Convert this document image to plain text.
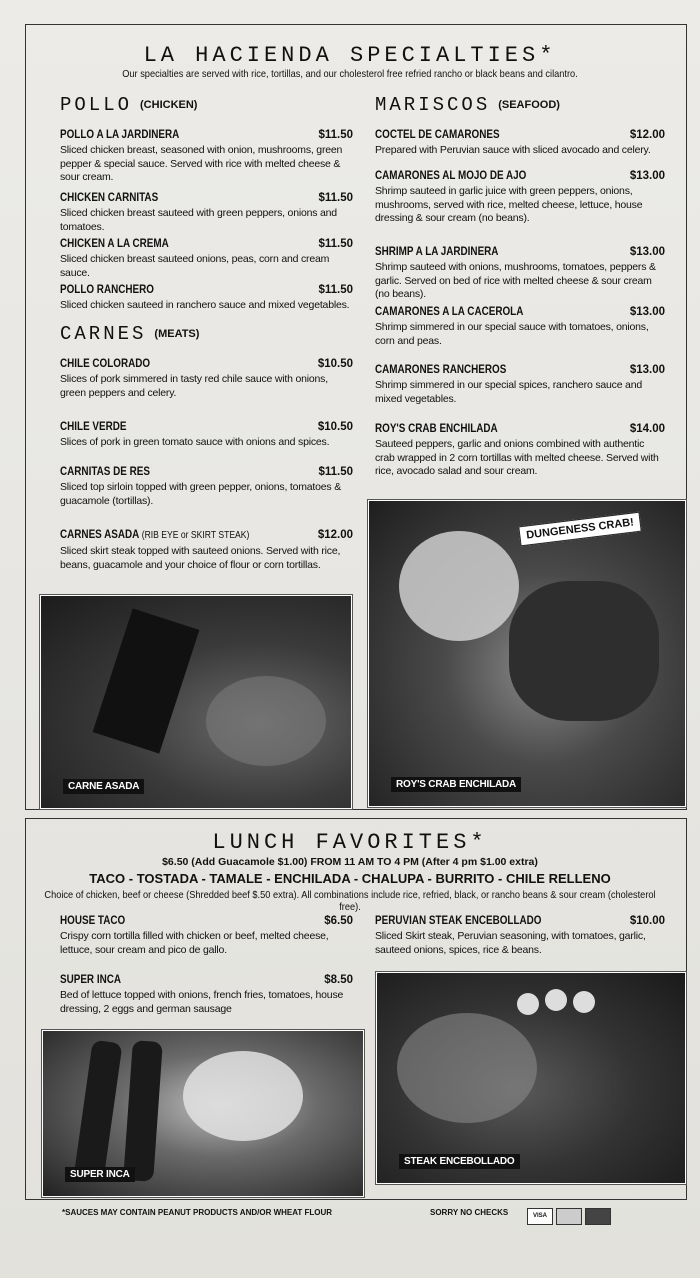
LA HACIENDA SPECIALTIES*
Our specialties are served with rice, tortillas, and our cholesterol free refried rancho or black beans and cilantro.
POLLO (CHICKEN)
POLLO A LA JARDINERA	$11.50
Sliced chicken breast, seasoned with onion, mushrooms, green pepper & special sauce. Served with rice with melted cheese & sour cream.
CHICKEN CARNITAS	$11.50
Sliced chicken breast sauteed with green peppers, onions and tomatoes.
CHICKEN A LA CREMA	$11.50
Sliced chicken breast sauteed onions, peas, corn and cream sauce.
POLLO RANCHERO	$11.50
Sliced chicken sauteed in ranchero sauce and mixed vegetables.
CARNES (MEATS)
CHILE COLORADO	$10.50
Slices of pork simmered in tasty red chile sauce with onions, green peppers and celery.
CHILE VERDE	$10.50
Slices of pork in green tomato sauce with onions and spices.
CARNITAS DE RES	$11.50
Sliced top sirloin topped with green pepper, onions, tomatoes & guacamole (tortillas).
CARNES ASADA (RIB EYE or SKIRT STEAK)	$12.00
Sliced skirt steak topped with sauteed onions. Served with rice, beans, guacamole and your choice of flour or corn tortillas.
MARISCOS (SEAFOOD)
COCTEL DE CAMARONES	$12.00
Prepared with Peruvian sauce with sliced avocado and celery.
CAMARONES AL MOJO DE AJO	$13.00
Shrimp sauteed in garlic juice with green peppers, onions, mushrooms, served with rice, melted cheese, lettuce, house dressing & sour cream (no beans).
SHRIMP A LA JARDINERA	$13.00
Shrimp sauteed with onions, mushrooms, tomatoes, peppers & garlic. Served on bed of rice with melted cheese & sour cream (no beans).
CAMARONES A LA CACEROLA	$13.00
Shrimp simmered in our special sauce with tomatoes, onions, corn and peas.
CAMARONES RANCHEROS	$13.00
Shrimp simmered in our special spices, ranchero sauce and mixed vegetables.
ROY'S CRAB ENCHILADA	$14.00
Sauteed peppers, garlic and onions combined with authentic crab wrapped in 2 corn tortillas with melted cheese. Served with rice, avocado salad and sour cream.
CARNE ASADA
DUNGENESS CRAB!
ROY'S CRAB ENCHILADA
LUNCH FAVORITES*
$6.50 (Add Guacamole $1.00) FROM 11 AM TO 4 PM (After 4 pm $1.00 extra)
TACO - TOSTADA - TAMALE - ENCHILADA - CHALUPA - BURRITO - CHILE RELLENO
Choice of chicken, beef or cheese (Shredded beef $.50 extra). All combinations include rice, refried, black, or rancho beans & sour cream (cholesterol free).
HOUSE TACO	$6.50
Crispy corn tortilla filled with chicken or beef, melted cheese, lettuce, sour cream and pico de gallo.
SUPER INCA	$8.50
Bed of lettuce topped with onions, french fries, tomatoes, house dressing, 2 eggs and german sausage
PERUVIAN STEAK ENCEBOLLADO	$10.00
Sliced Skirt steak, Peruvian seasoning, with tomatoes, garlic, sauteed onions, spices, rice & beans.
SUPER INCA
STEAK ENCEBOLLADO
*SAUCES MAY CONTAIN PEANUT PRODUCTS AND/OR WHEAT FLOUR	SORRY NO CHECKS	VISA
